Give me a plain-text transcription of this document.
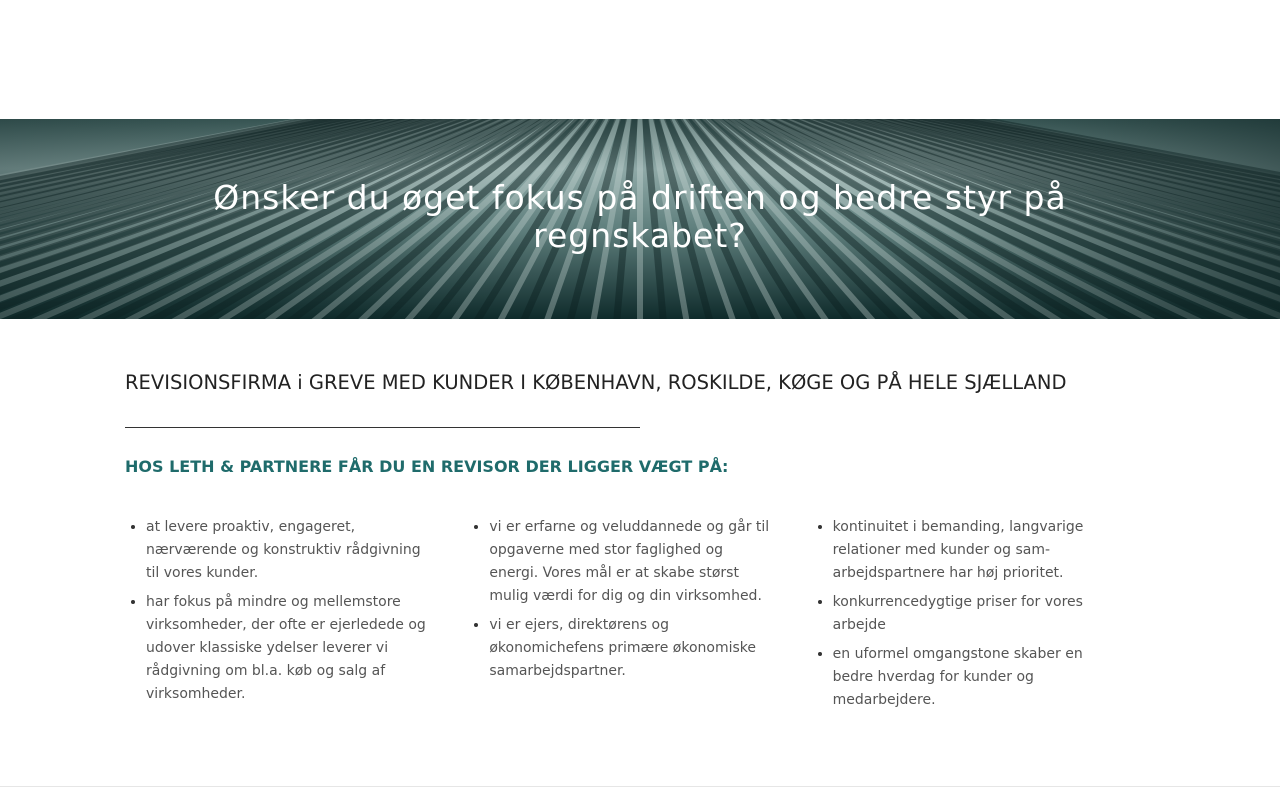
Ønsker du øget fokus på driften og bedre styr på regnskabet?
REVISIONSFIRMA i GREVE MED KUNDER I KØBENHAVN, ROSKILDE, KØGE OG PÅ HELE SJÆLLAND
HOS LETH & PARTNERE FÅR DU EN REVISOR DER LIGGER VÆGT PÅ:
• at levere proaktiv, engageret, nærværende og konstruktiv rådgivning til vores kunder.
• har fokus på mindre og mellemstore virksomheder, der ofte er ejerledede og udover klassiske ydelser leverer vi rådgivning om bl.a. køb og salg af virksomheder.
• vi er erfarne og veluddannede og går til opgaverne med stor faglighed og energi. Vores mål er at skabe størst mulig værdi for dig og din virksomhed.
• vi er ejers, direktørens og økonomichefens primære økonomiske samarbejdspartner.
• kontinuitet i bemanding, langvarige relationer med kunder og sam-arbejdspartnere har høj prioritet.
• konkurrencedygtige priser for vores arbejde
• en uformel omgangstone skaber en bedre hverdag for kunder og medarbejdere.
